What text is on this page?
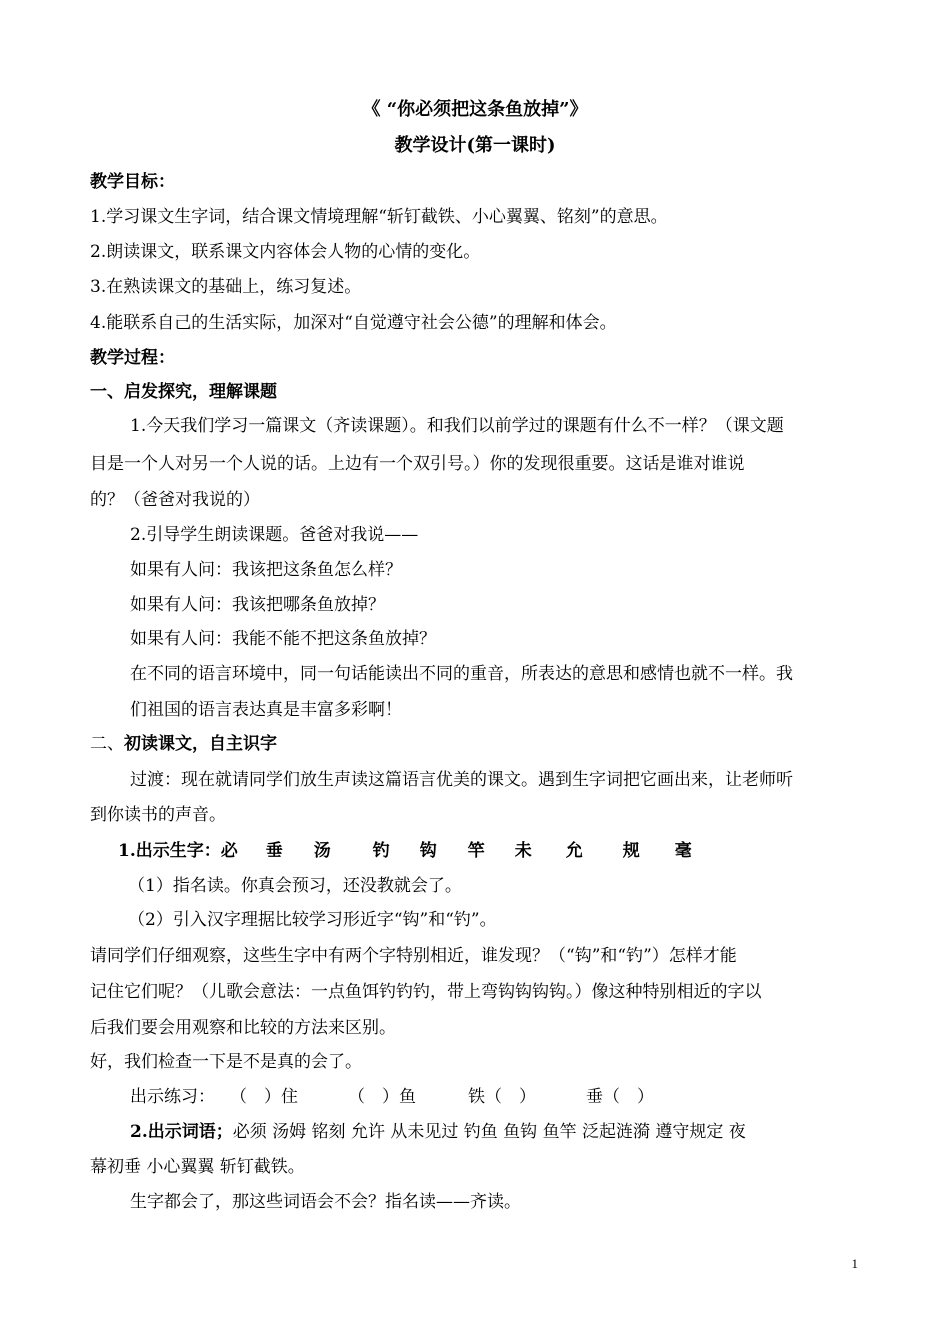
《 “你必须把这条鱼放掉”》
教学设计(第一课时)
教学目标：
1.学习课文生字词，结合课文情境理解“斩钉截铁、小心翼翼、铭刻”的意思。
2.朗读课文，联系课文内容体会人物的心情的变化。
3.在熟读课文的基础上，练习复述。
4.能联系自己的生活实际，加深对“自觉遵守社会公德”的理解和体会。
教学过程：
一、启发探究，理解课题
1.今天我们学习一篇课文（齐读课题）。和我们以前学过的课题有什么不一样？（课文题
目是一个人对另一个人说的话。上边有一个双引号。）你的发现很重要。这话是谁对谁说
的？（爸爸对我说的）
2.引导学生朗读课题。爸爸对我说——
如果有人问：我该把这条鱼怎么样？
如果有人问：我该把哪条鱼放掉？
如果有人问：我能不能不把这条鱼放掉？
在不同的语言环境中，同一句话能读出不同的重音，所表达的意思和感情也就不一样。我
们祖国的语言表达真是丰富多彩啊！
二、初读课文，自主识字
过渡：现在就请同学们放生声读这篇语言优美的课文。遇到生字词把它画出来，让老师听
到你读书的声音。
1.出示生字：必 垂 汤 钓 钩 竿 未 允 规 毫
（1）指名读。你真会预习，还没教就会了。
（2）引入汉字理据比较学习形近字“钩”和“钓”。
请同学们仔细观察，这些生字中有两个字特别相近，谁发现？（“钩”和“钓”）怎样才能
记住它们呢？（儿歌会意法：一点鱼饵钓钓钓，带上弯钩钩钩钩。）像这种特别相近的字以
后我们要会用观察和比较的方法来区别。
好，我们检查一下是不是真的会了。
出示练习： （　）住	（　）鱼	铁（　）	垂（　）
2.出示词语；必须 汤姆 铭刻 允许 从未见过 钓鱼 鱼钩 鱼竿 泛起涟漪 遵守规定 夜
幕初垂 小心翼翼 斩钉截铁。
生字都会了，那这些词语会不会？指名读——齐读。
1
